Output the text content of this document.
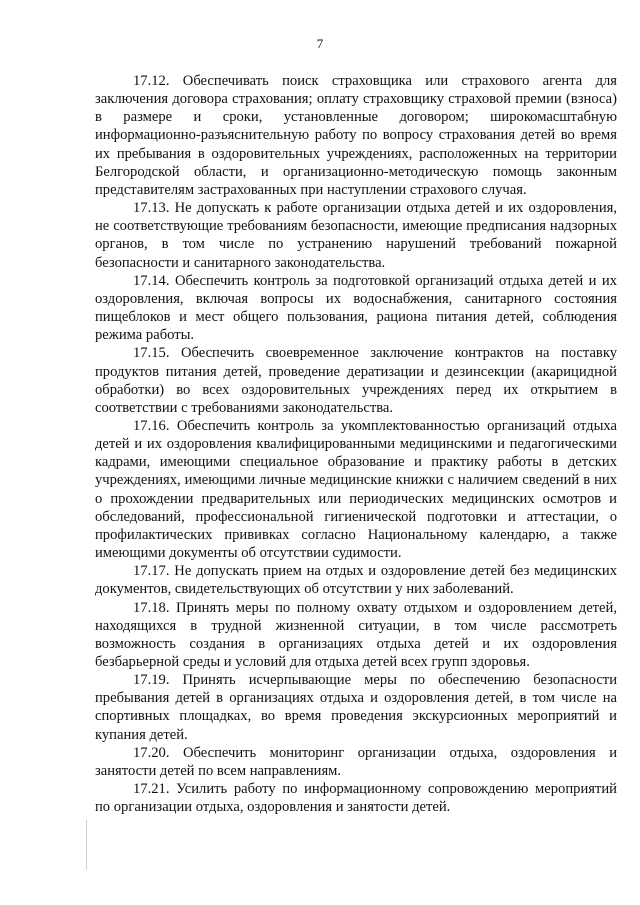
7

17.12. Обеспечивать поиск страховщика или страхового агента для заключения договора страхования; оплату страховщику страховой премии (взноса) в размере и сроки, установленные договором; широкомасштабную информационно-разъяснительную работу по вопросу страхования детей во время их пребывания в оздоровительных учреждениях, расположенных на территории Белгородской области, и организационно-методическую помощь законным представителям застрахованных при наступлении страхового случая.

17.13. Не допускать к работе организации отдыха детей и их оздоровления, не соответствующие требованиям безопасности, имеющие предписания надзорных органов, в том числе по устранению нарушений требований пожарной безопасности и санитарного законодательства.

17.14. Обеспечить контроль за подготовкой организаций отдыха детей и их оздоровления, включая вопросы их водоснабжения, санитарного состояния пищеблоков и мест общего пользования, рациона питания детей, соблюдения режима работы.

17.15. Обеспечить своевременное заключение контрактов на поставку продуктов питания детей, проведение дератизации и дезинсекции (акарицидной обработки) во всех оздоровительных учреждениях перед их открытием в соответствии с требованиями законодательства.

17.16. Обеспечить контроль за укомплектованностью организаций отдыха детей и их оздоровления квалифицированными медицинскими и педагогическими кадрами, имеющими специальное образование и практику работы в детских учреждениях, имеющими личные медицинские книжки с наличием сведений в них о прохождении предварительных или периодических медицинских осмотров и обследований, профессиональной гигиенической подготовки и аттестации, о профилактических прививках согласно Национальному календарю, а также имеющими документы об отсутствии судимости.

17.17. Не допускать прием на отдых и оздоровление детей без медицинских документов, свидетельствующих об отсутствии у них заболеваний.

17.18. Принять меры по полному охвату отдыхом и оздоровлением детей, находящихся в трудной жизненной ситуации, в том числе рассмотреть возможность создания в организациях отдыха детей и их оздоровления безбарьерной среды и условий для отдыха детей всех групп здоровья.

17.19. Принять исчерпывающие меры по обеспечению безопасности пребывания детей в организациях отдыха и оздоровления детей, в том числе на спортивных площадках, во время проведения экскурсионных мероприятий и купания детей.

17.20. Обеспечить мониторинг организации отдыха, оздоровления и занятости детей по всем направлениям.

17.21. Усилить работу по информационному сопровождению мероприятий по организации отдыха, оздоровления и занятости детей.
